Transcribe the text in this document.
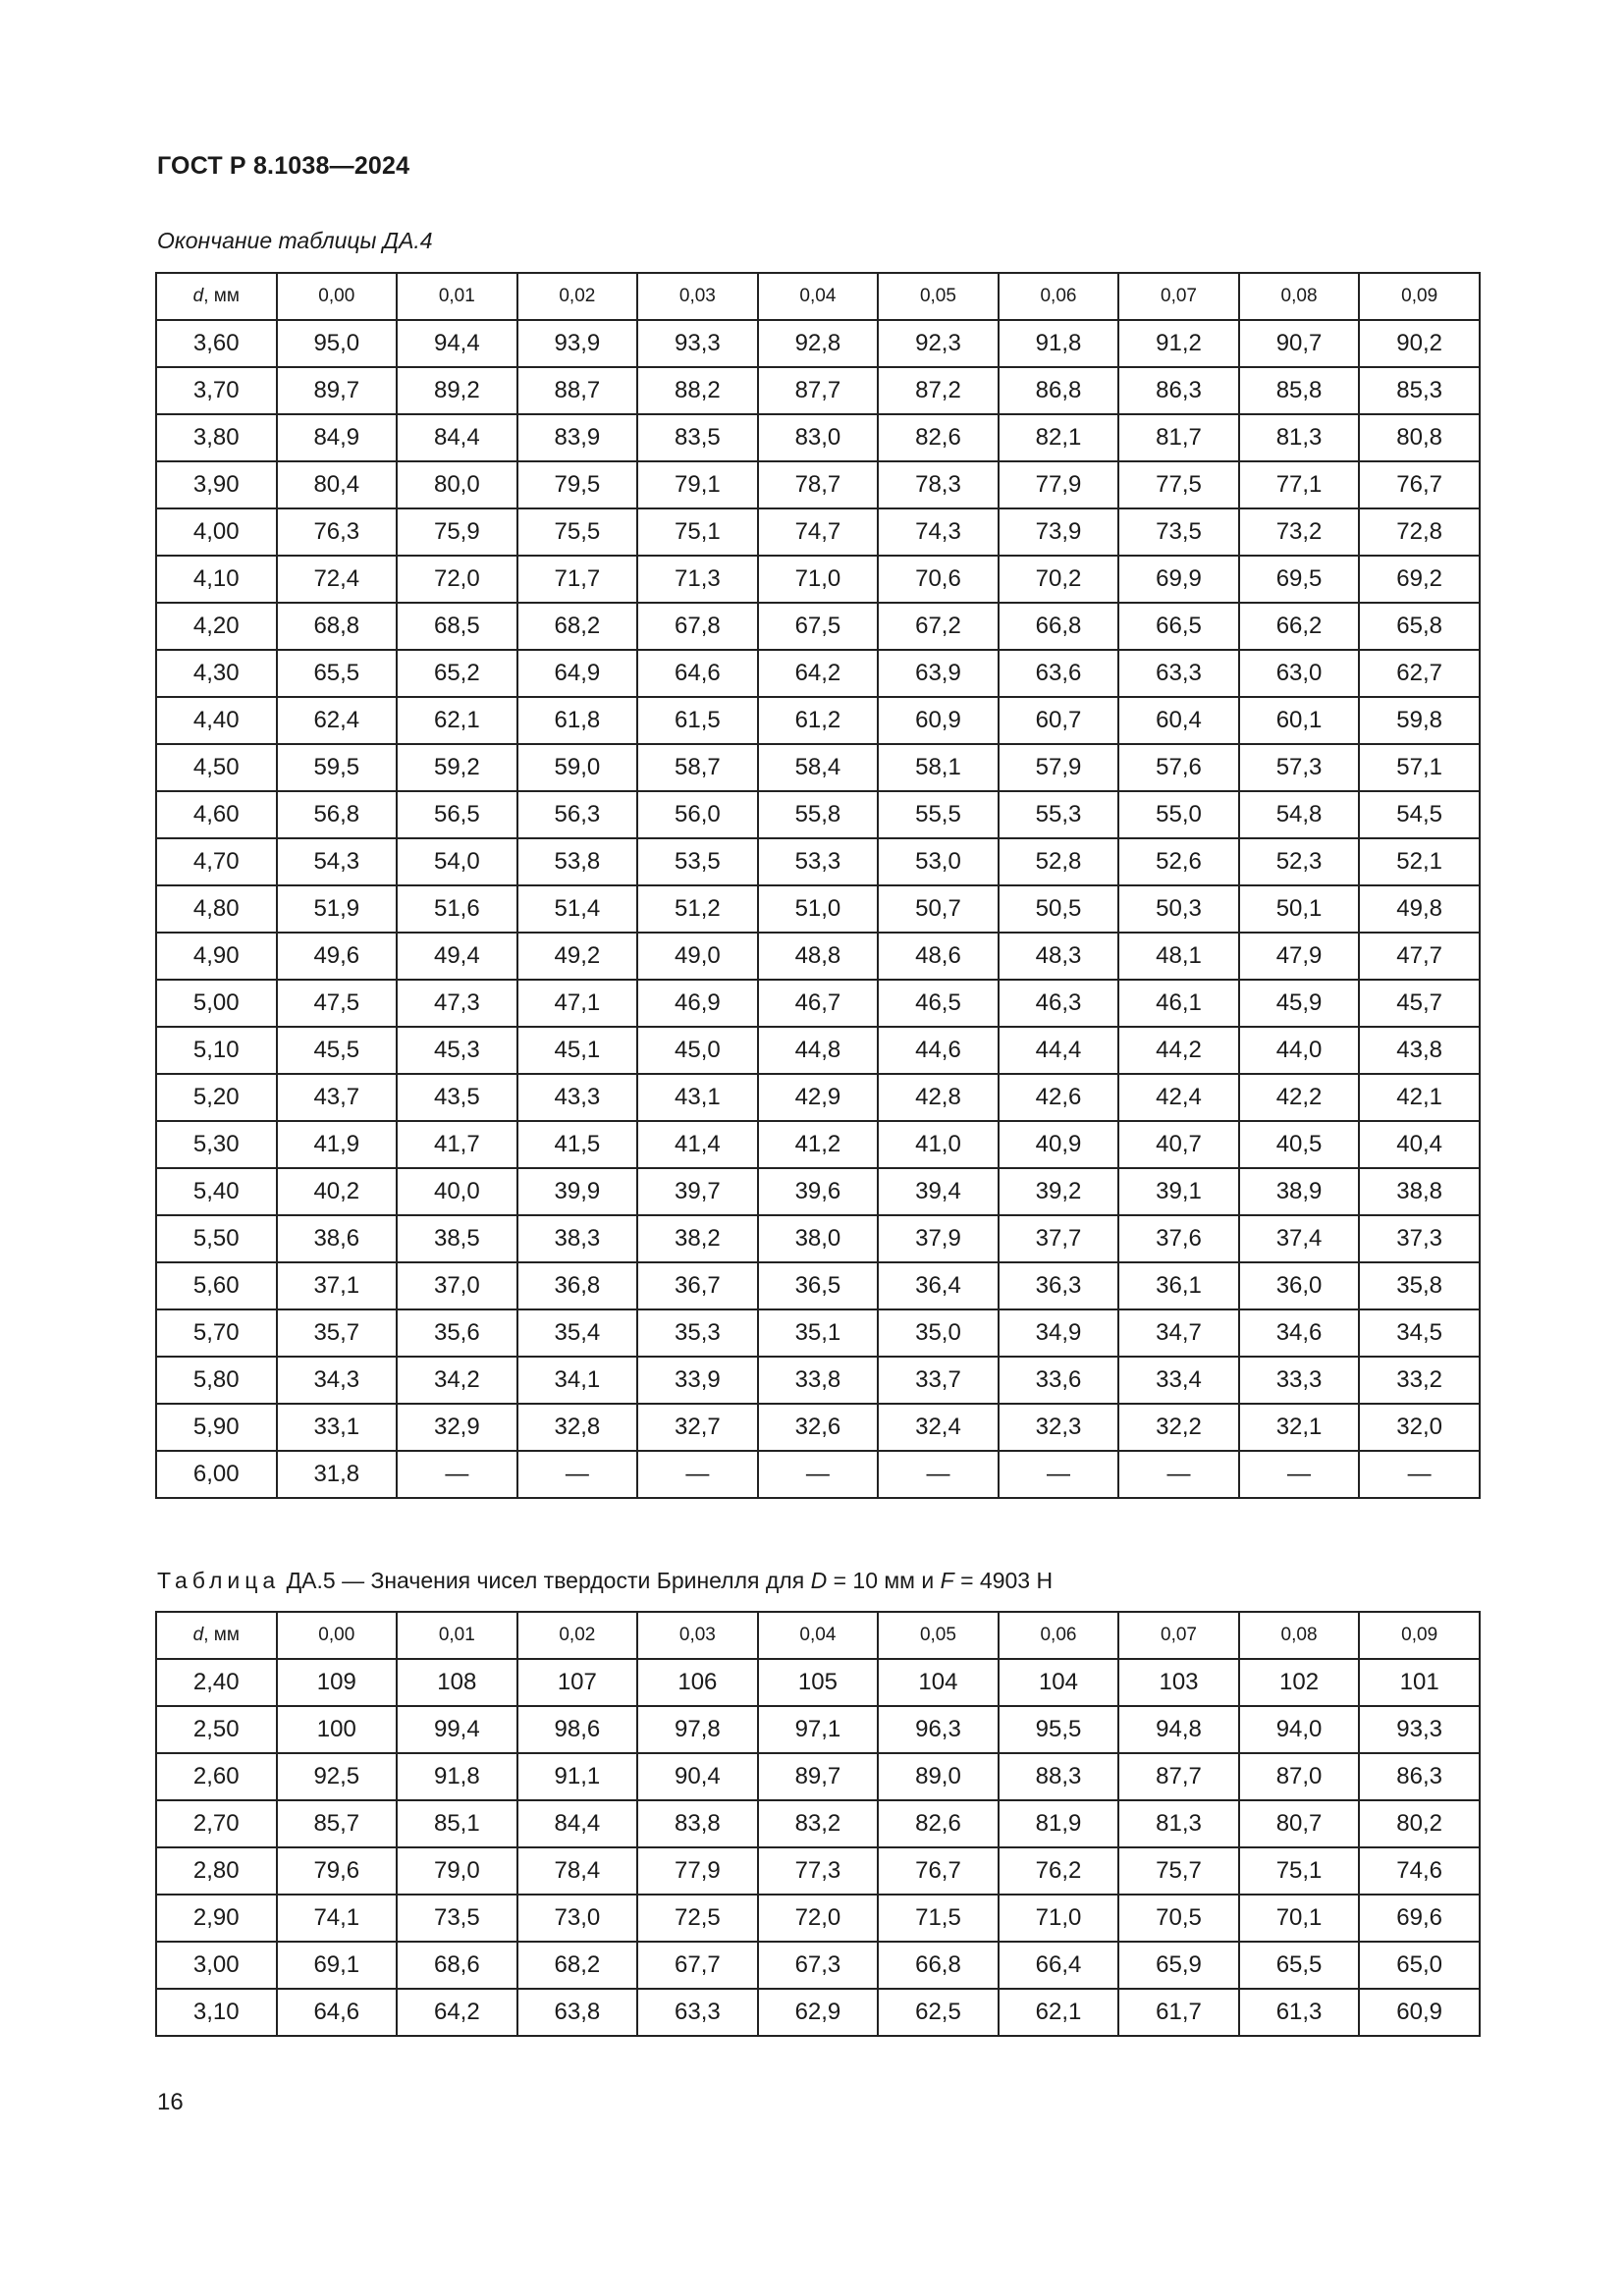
ГОСТ Р 8.1038—2024
Окончание таблицы ДА.4
d, мм	0,00	0,01	0,02	0,03	0,04	0,05	0,06	0,07	0,08	0,09
3,60	95,0	94,4	93,9	93,3	92,8	92,3	91,8	91,2	90,7	90,2
3,70	89,7	89,2	88,7	88,2	87,7	87,2	86,8	86,3	85,8	85,3
3,80	84,9	84,4	83,9	83,5	83,0	82,6	82,1	81,7	81,3	80,8
3,90	80,4	80,0	79,5	79,1	78,7	78,3	77,9	77,5	77,1	76,7
4,00	76,3	75,9	75,5	75,1	74,7	74,3	73,9	73,5	73,2	72,8
4,10	72,4	72,0	71,7	71,3	71,0	70,6	70,2	69,9	69,5	69,2
4,20	68,8	68,5	68,2	67,8	67,5	67,2	66,8	66,5	66,2	65,8
4,30	65,5	65,2	64,9	64,6	64,2	63,9	63,6	63,3	63,0	62,7
4,40	62,4	62,1	61,8	61,5	61,2	60,9	60,7	60,4	60,1	59,8
4,50	59,5	59,2	59,0	58,7	58,4	58,1	57,9	57,6	57,3	57,1
4,60	56,8	56,5	56,3	56,0	55,8	55,5	55,3	55,0	54,8	54,5
4,70	54,3	54,0	53,8	53,5	53,3	53,0	52,8	52,6	52,3	52,1
4,80	51,9	51,6	51,4	51,2	51,0	50,7	50,5	50,3	50,1	49,8
4,90	49,6	49,4	49,2	49,0	48,8	48,6	48,3	48,1	47,9	47,7
5,00	47,5	47,3	47,1	46,9	46,7	46,5	46,3	46,1	45,9	45,7
5,10	45,5	45,3	45,1	45,0	44,8	44,6	44,4	44,2	44,0	43,8
5,20	43,7	43,5	43,3	43,1	42,9	42,8	42,6	42,4	42,2	42,1
5,30	41,9	41,7	41,5	41,4	41,2	41,0	40,9	40,7	40,5	40,4
5,40	40,2	40,0	39,9	39,7	39,6	39,4	39,2	39,1	38,9	38,8
5,50	38,6	38,5	38,3	38,2	38,0	37,9	37,7	37,6	37,4	37,3
5,60	37,1	37,0	36,8	36,7	36,5	36,4	36,3	36,1	36,0	35,8
5,70	35,7	35,6	35,4	35,3	35,1	35,0	34,9	34,7	34,6	34,5
5,80	34,3	34,2	34,1	33,9	33,8	33,7	33,6	33,4	33,3	33,2
5,90	33,1	32,9	32,8	32,7	32,6	32,4	32,3	32,2	32,1	32,0
6,00	31,8	—	—	—	—	—	—	—	—	—
Таблица ДА.5 — Значения чисел твердости Бринелля для D = 10 мм и F = 4903 Н
d, мм	0,00	0,01	0,02	0,03	0,04	0,05	0,06	0,07	0,08	0,09
2,40	109	108	107	106	105	104	104	103	102	101
2,50	100	99,4	98,6	97,8	97,1	96,3	95,5	94,8	94,0	93,3
2,60	92,5	91,8	91,1	90,4	89,7	89,0	88,3	87,7	87,0	86,3
2,70	85,7	85,1	84,4	83,8	83,2	82,6	81,9	81,3	80,7	80,2
2,80	79,6	79,0	78,4	77,9	77,3	76,7	76,2	75,7	75,1	74,6
2,90	74,1	73,5	73,0	72,5	72,0	71,5	71,0	70,5	70,1	69,6
3,00	69,1	68,6	68,2	67,7	67,3	66,8	66,4	65,9	65,5	65,0
3,10	64,6	64,2	63,8	63,3	62,9	62,5	62,1	61,7	61,3	60,9
16
